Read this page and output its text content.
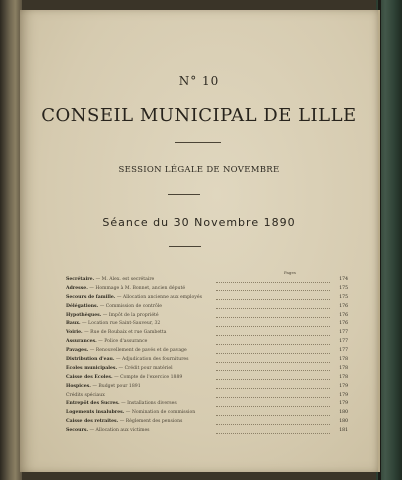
N° 10
CONSEIL MUNICIPAL DE LILLE
SESSION LÉGALE DE NOVEMBRE
Séance du 30 Novembre 1890
Pages
Secrétaire. — M. Alex. est secrétaire	174
Adresse. — Hommage à M. Bonnet, ancien député	175
Secours de famille. — Allocation ancienne aux employés	175
Délégations. — Commission de contrôle	176
Hypothèques. — Impôt de la propriété	176
Baux. — Location rue Saint-Sauveur, 32	176
Voirie. — Rue de Roubaix et rue Gambetta	177
Assurances. — Police d'assurance	177
Pavages. — Renouvellement de pavés et de pavage	177
Distribution d'eau. — Adjudication des fournitures	178
Écoles municipales. — Crédit pour matériel	178
Caisse des Écoles. — Compte de l'exercice 1889	178
Hospices. — Budget pour 1891	179
Crédits spéciaux	179
Entrepôt des Sucres. — Installations diverses	179
Logements insalubres. — Nomination de commission	180
Caisse des retraites. — Règlement des pensions	180
Secours. — Allocation aux victimes	181
